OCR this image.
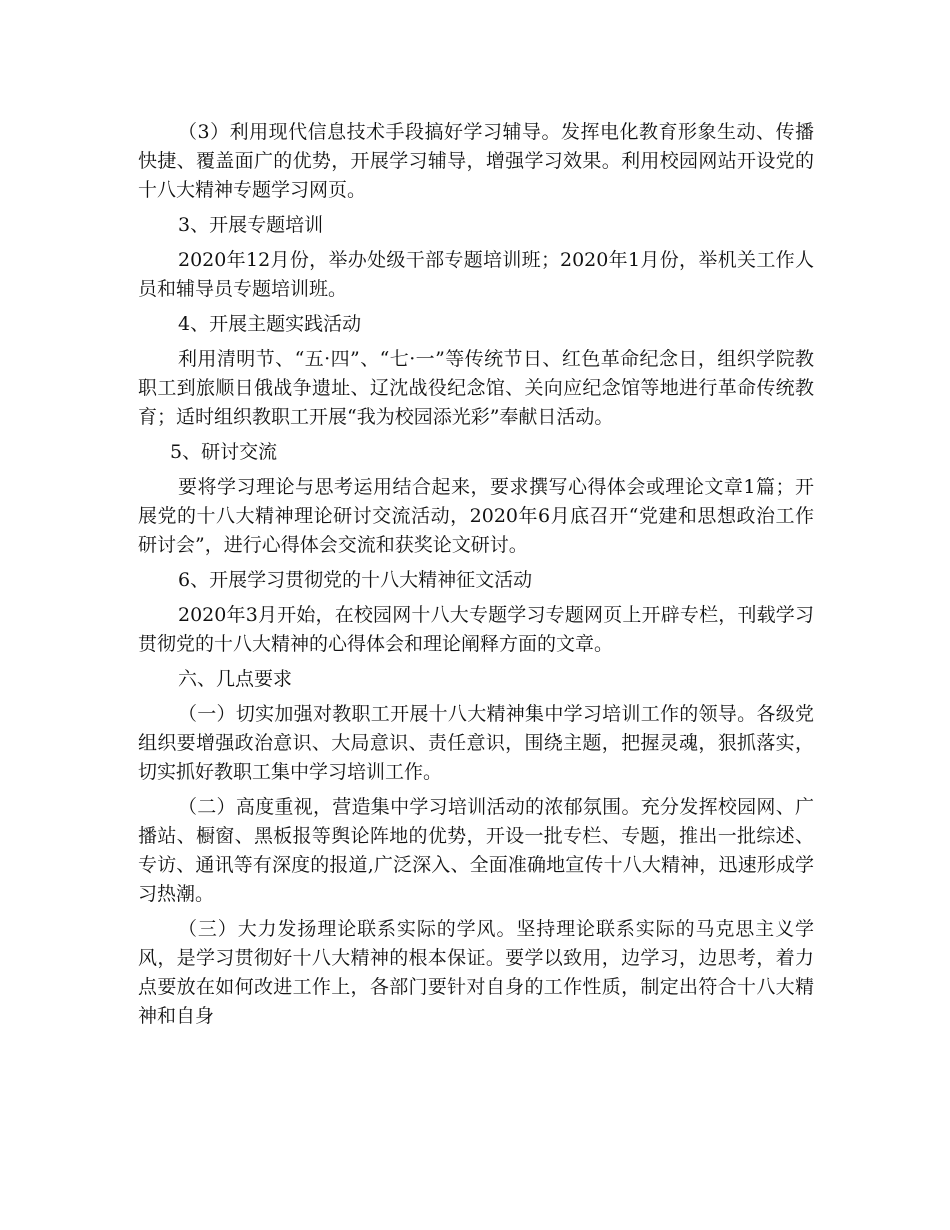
（3）利用现代信息技术手段搞好学习辅导。发挥电化教育形象生动、传播快捷、覆盖面广的优势，开展学习辅导，增强学习效果。利用校园网站开设党的十八大精神专题学习网页。

3、开展专题培训

2020年12月份，举办处级干部专题培训班；2020年1月份，举机关工作人员和辅导员专题培训班。

4、开展主题实践活动

利用清明节、“五·四”、“七·一”等传统节日、红色革命纪念日，组织学院教职工到旅顺日俄战争遗址、辽沈战役纪念馆、关向应纪念馆等地进行革命传统教育；适时组织教职工开展“我为校园添光彩”奉献日活动。

5、研讨交流

要将学习理论与思考运用结合起来，要求撰写心得体会或理论文章1篇；开展党的十八大精神理论研讨交流活动，2020年6月底召开“党建和思想政治工作研讨会”，进行心得体会交流和获奖论文研讨。

6、开展学习贯彻党的十八大精神征文活动

2020年3月开始，在校园网十八大专题学习专题网页上开辟专栏，刊载学习贯彻党的十八大精神的心得体会和理论阐释方面的文章。

六、几点要求

（一）切实加强对教职工开展十八大精神集中学习培训工作的领导。各级党组织要增强政治意识、大局意识、责任意识，围绕主题，把握灵魂，狠抓落实，切实抓好教职工集中学习培训工作。

（二）高度重视，营造集中学习培训活动的浓郁氛围。充分发挥校园网、广播站、橱窗、黑板报等舆论阵地的优势，开设一批专栏、专题，推出一批综述、专访、通讯等有深度的报道,广泛深入、全面准确地宣传十八大精神，迅速形成学习热潮。

（三）大力发扬理论联系实际的学风。坚持理论联系实际的马克思主义学风，是学习贯彻好十八大精神的根本保证。要学以致用，边学习，边思考，着力点要放在如何改进工作上，各部门要针对自身的工作性质，制定出符合十八大精神和自身
